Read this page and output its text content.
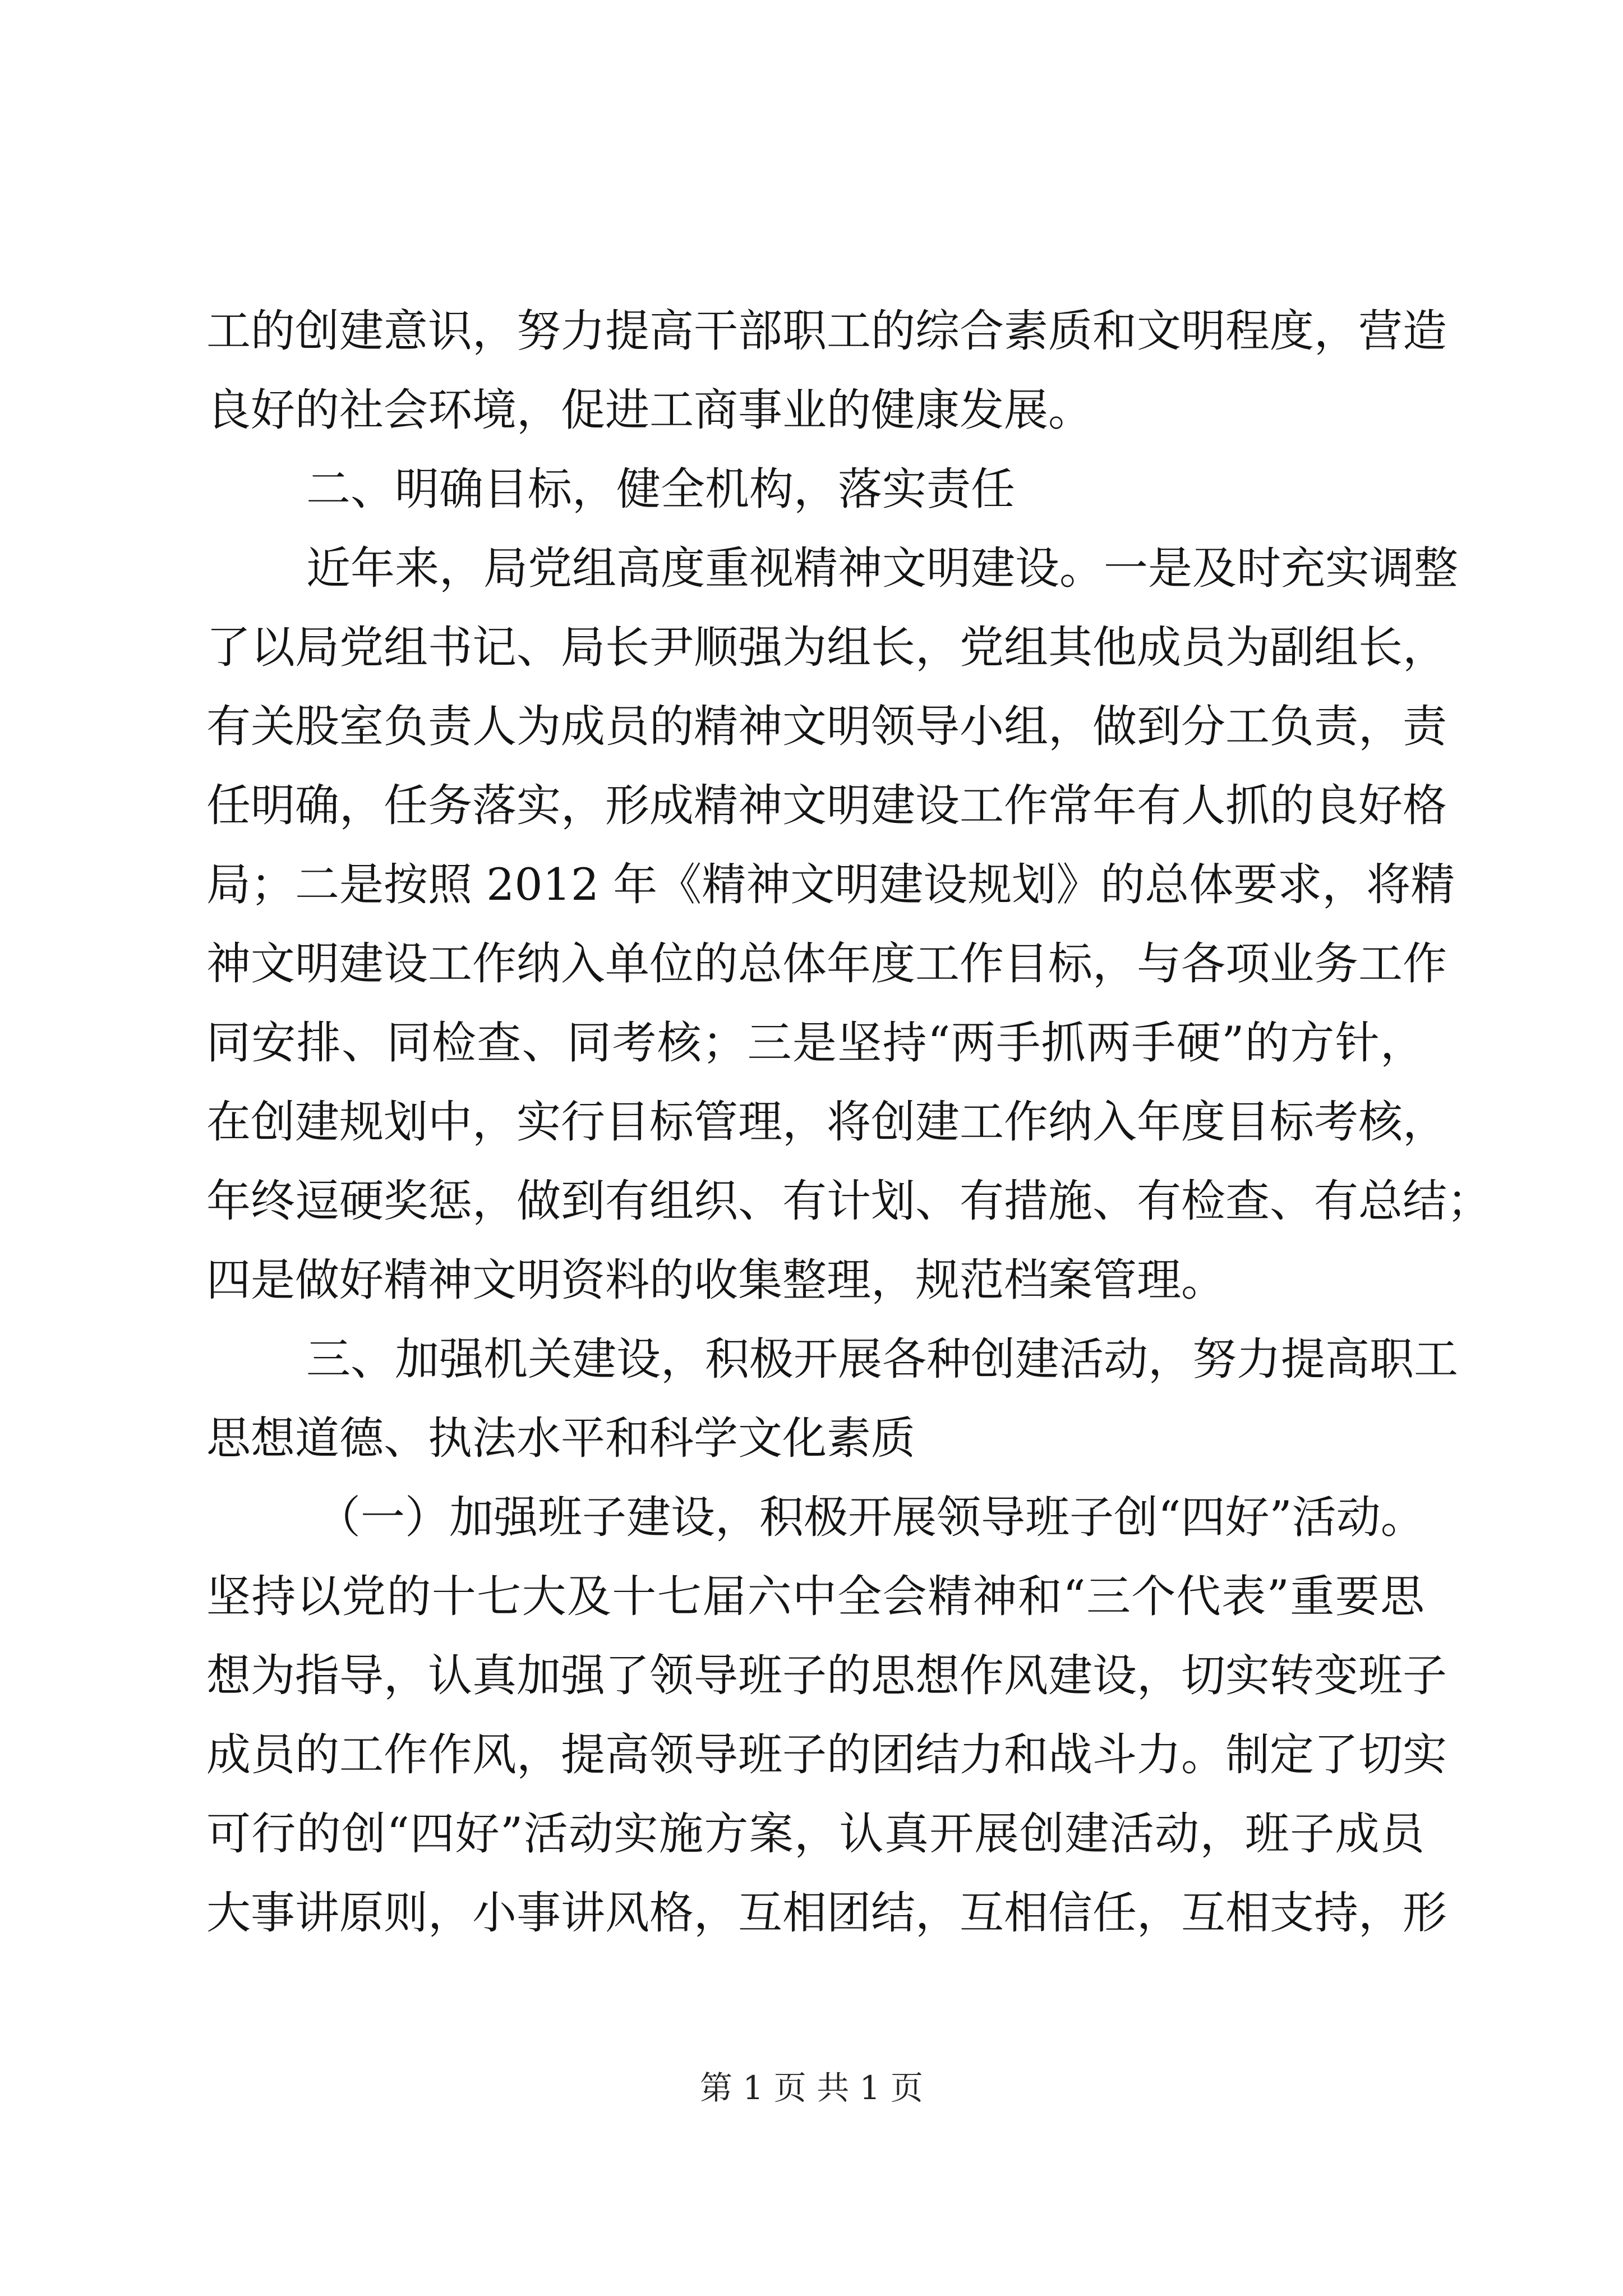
工的创建意识，努力提高干部职工的综合素质和文明程度，营造
良好的社会环境，促进工商事业的健康发展。
二、明确目标，健全机构，落实责任
近年来，局党组高度重视精神文明建设。一是及时充实调整
了以局党组书记、局长尹顺强为组长，党组其他成员为副组长，
有关股室负责人为成员的精神文明领导小组，做到分工负责，责
任明确，任务落实，形成精神文明建设工作常年有人抓的良好格
局；二是按照 2012 年《精神文明建设规划》的总体要求，将精
神文明建设工作纳入单位的总体年度工作目标，与各项业务工作
同安排、同检查、同考核；三是坚持“两手抓两手硬”的方针，
在创建规划中，实行目标管理，将创建工作纳入年度目标考核，
年终逗硬奖惩，做到有组织、有计划、有措施、有检查、有总结；
四是做好精神文明资料的收集整理，规范档案管理。
三、加强机关建设，积极开展各种创建活动，努力提高职工
思想道德、执法水平和科学文化素质
（一）加强班子建设，积极开展领导班子创“四好”活动。
坚持以党的十七大及十七届六中全会精神和“三个代表”重要思
想为指导，认真加强了领导班子的思想作风建设，切实转变班子
成员的工作作风，提高领导班子的团结力和战斗力。制定了切实
可行的创“四好”活动实施方案，认真开展创建活动，班子成员
大事讲原则，小事讲风格，互相团结，互相信任，互相支持，形
第 1 页 共 1 页
